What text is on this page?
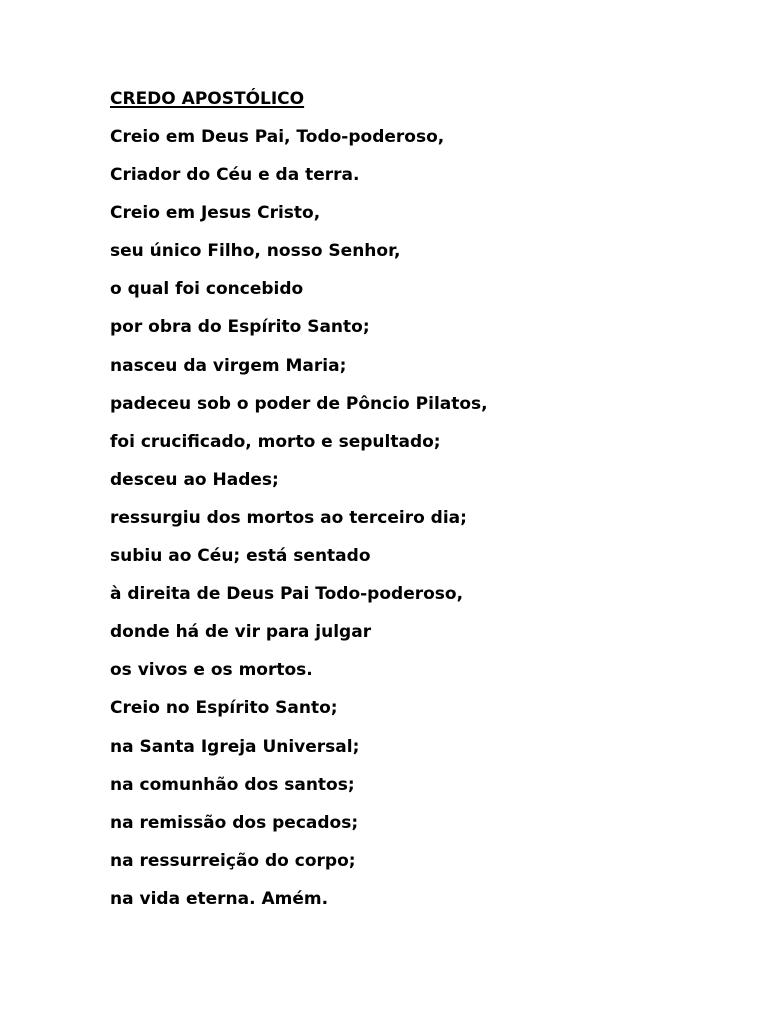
CREDO APOSTÓLICO
Creio em Deus Pai, Todo-poderoso,
Criador do Céu e da terra.
Creio em Jesus Cristo,
seu único Filho, nosso Senhor,
o qual foi concebido
por obra do Espírito Santo;
nasceu da virgem Maria;
padeceu sob o poder de Pôncio Pilatos,
foi crucificado, morto e sepultado;
desceu ao Hades;
ressurgiu dos mortos ao terceiro dia;
subiu ao Céu; está sentado
à direita de Deus Pai Todo-poderoso,
donde há de vir para julgar
os vivos e os mortos.
Creio no Espírito Santo;
na Santa Igreja Universal;
na comunhão dos santos;
na remissão dos pecados;
na ressurreição do corpo;
na vida eterna. Amém.
